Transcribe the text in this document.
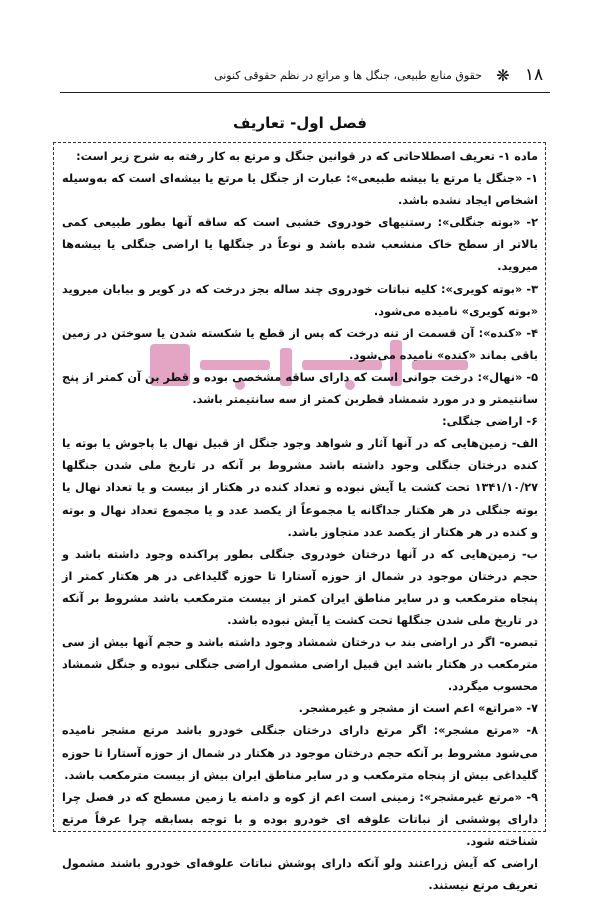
۱۸
❋
حقوق منابع طبیعی، جنگل ها و مراتع در نظم حقوقی کنونی
فصل اول- تعاریف

ماده ۱- تعریف اصطلاحاتی که در قوانین جنگل و مرتع به کار رفته به شرح زیر است:

۱- «جنگل یا مرتع یا بیشه طبیعی»: عبارت از جنگل یا مرتع یا بیشه‌ای است که به‌وسیله اشخاص ایجاد نشده باشد.

۲- «بوته جنگلی»: رستنیهای خودروی خشبی است که ساقه آنها بطور طبیعی کمی بالاتر از سطح خاک منشعب شده باشد و نوعاً در جنگلها یا اراضی جنگلی یا بیشه‌ها میروید.

۳- «بوته کویری»: کلیه نباتات خودروی چند ساله بجز درخت که در کویر و بیابان میروید «بوته کویری» نامیده می‌شود.

۴- «کنده»: آن قسمت از تنه درخت که پس از قطع یا شکسته شدن یا سوختن در زمین باقی بماند «کنده» نامیده می‌شود.

۵- «نهال»: درخت جوانی است که دارای ساقه مشخصی بوده و قطر بن آن کمتر از پنج سانتیمتر و در مورد شمشاد قطربن کمتر از سه سانتیمتر باشد.

۶- اراضی جنگلی:

الف- زمین‌هایی که در آنها آثار و شواهد وجود جنگل از قبیل نهال یا پاجوش یا بوته یا کنده درختان جنگلی وجود داشته باشد مشروط بر آنکه در تاریخ ملی شدن جنگلها ۱۳۴۱/۱۰/۲۷ تحت کشت یا آیش نبوده و تعداد کنده در هکتار از بیست و یا تعداد نهال یا بوته جنگلی در هر هکتار جداگانه یا مجموعاً از یکصد عدد و یا مجموع تعداد نهال و بوته و کنده در هر هکتار از یکصد عدد متجاوز باشد.

ب- زمین‌هایی که در آنها درختان خودروی جنگلی بطور پراکنده وجود داشته باشد و حجم درختان موجود در شمال از حوزه آستارا تا حوزه گلیداغی در هر هکتار کمتر از پنجاه مترمکعب و در سایر مناطق ایران کمتر از بیست مترمکعب باشد مشروط بر آنکه در تاریخ ملی شدن جنگلها تحت کشت یا آیش نبوده باشد.

تبصره- اگر در اراضی بند ب درختان شمشاد وجود داشته باشد و حجم آنها بیش از سی مترمکعب در هکتار باشد این قبیل اراضی مشمول اراضی جنگلی نبوده و جنگل شمشاد محسوب میگردد.

۷- «مراتع» اعم است از مشجر و غیرمشجر.

۸- «مرتع مشجر»: اگر مرتع دارای درختان جنگلی خودرو باشد مرتع مشجر نامیده می‌شود مشروط بر آنکه حجم درختان موجود در هکتار در شمال از حوزه آستارا تا حوزه گلیداغی بیش از پنجاه مترمکعب و در سایر مناطق ایران بیش از بیست مترمکعب باشد.

۹- «مرتع غیرمشجر»: زمینی است اعم از کوه و دامنه یا زمین مسطح که در فصل چرا دارای پوششی از نباتات علوفه ای خودرو بوده و با توجه بسابقه چرا عرفاً مرتع شناخته شود.

اراضی که آیش زراعتند ولو آنکه دارای پوشش نباتات علوفه‌ای خودرو باشند مشمول تعریف مرتع نیستند.
